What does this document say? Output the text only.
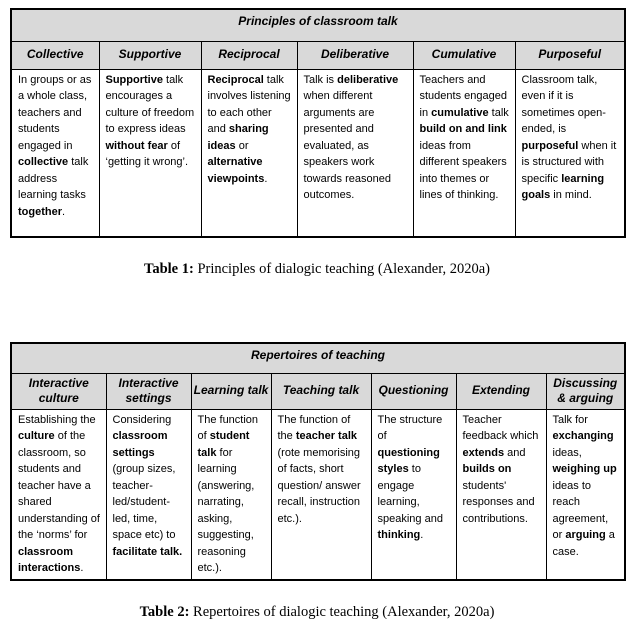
Principles of classroom talk					
Collective	Supportive	Reciprocal	Deliberative	Cumulative	Purposeful
In groups or as a whole class, teachers and students engaged in collective talk address learning tasks together.	Supportive talk encourages a culture of freedom to express ideas without fear of ‘getting it wrong’.	Reciprocal talk involves listening to each other and sharing ideas or alternative viewpoints.	Talk is deliberative when different arguments are presented and evaluated, as speakers work towards reasoned outcomes.	Teachers and students engaged in cumulative talk build on and link ideas from different speakers into themes or lines of thinking.	Classroom talk, even if it is sometimes open-ended, is purposeful when it is structured with specific learning goals in mind.
Table 1: Principles of dialogic teaching (Alexander, 2020a)
Repertoires of teaching						
Interactive culture	Interactive settings	Learning talk	Teaching talk	Questioning	Extending	Discussing & arguing
Establishing the culture of the classroom, so students and teacher have a shared understanding of the ‘norms’ for classroom interactions.	Considering classroom settings (group sizes, teacher-led/student-led, time, space etc) to facilitate talk.	The function of student talk for learning (answering, narrating, asking, suggesting, reasoning etc.).	The function of the teacher talk (rote memorising of facts, short question/ answer recall, instruction etc.).	The structure of questioning styles to engage learning, speaking and thinking.	Teacher feedback which extends and builds on students' responses and contributions.	Talk for exchanging ideas, weighing up ideas to reach agreement, or arguing a case.
Table 2: Repertoires of dialogic teaching (Alexander, 2020a)
